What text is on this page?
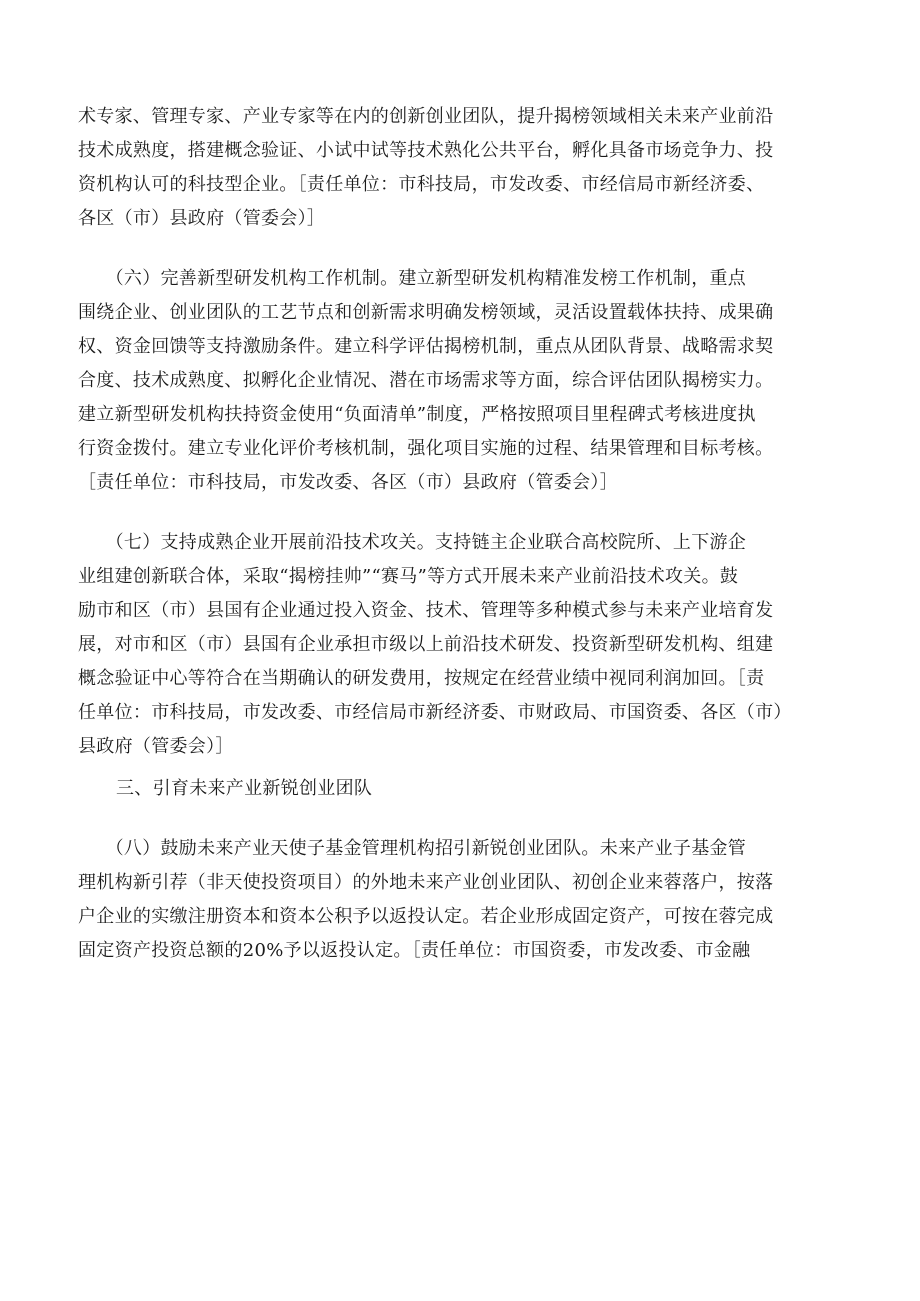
术专家、管理专家、产业专家等在内的创新创业团队，提升揭榜领域相关未来产业前沿
技术成熟度，搭建概念验证、小试中试等技术熟化公共平台，孵化具备市场竞争力、投
资机构认可的科技型企业。［责任单位：市科技局，市发改委、市经信局市新经济委、
各区（市）县政府（管委会）］

　　（六）完善新型研发机构工作机制。建立新型研发机构精准发榜工作机制，重点
围绕企业、创业团队的工艺节点和创新需求明确发榜领域，灵活设置载体扶持、成果确
权、资金回馈等支持激励条件。建立科学评估揭榜机制，重点从团队背景、战略需求契
合度、技术成熟度、拟孵化企业情况、潜在市场需求等方面，综合评估团队揭榜实力。
建立新型研发机构扶持资金使用“负面清单”制度，严格按照项目里程碑式考核进度执
行资金拨付。建立专业化评价考核机制，强化项目实施的过程、结果管理和目标考核。
［责任单位：市科技局，市发改委、各区（市）县政府（管委会）］

　　（七）支持成熟企业开展前沿技术攻关。支持链主企业联合高校院所、上下游企
业组建创新联合体，采取“揭榜挂帅”“赛马”等方式开展未来产业前沿技术攻关。鼓
励市和区（市）县国有企业通过投入资金、技术、管理等多种模式参与未来产业培育发
展，对市和区（市）县国有企业承担市级以上前沿技术研发、投资新型研发机构、组建
概念验证中心等符合在当期确认的研发费用，按规定在经营业绩中视同利润加回。［责
任单位：市科技局，市发改委、市经信局市新经济委、市财政局、市国资委、各区（市）
县政府（管委会）］

三、引育未来产业新锐创业团队

　　（八）鼓励未来产业天使子基金管理机构招引新锐创业团队。未来产业子基金管
理机构新引荐（非天使投资项目）的外地未来产业创业团队、初创企业来蓉落户，按落
户企业的实缴注册资本和资本公积予以返投认定。若企业形成固定资产，可按在蓉完成
固定资产投资总额的20%予以返投认定。［责任单位：市国资委，市发改委、市金融
